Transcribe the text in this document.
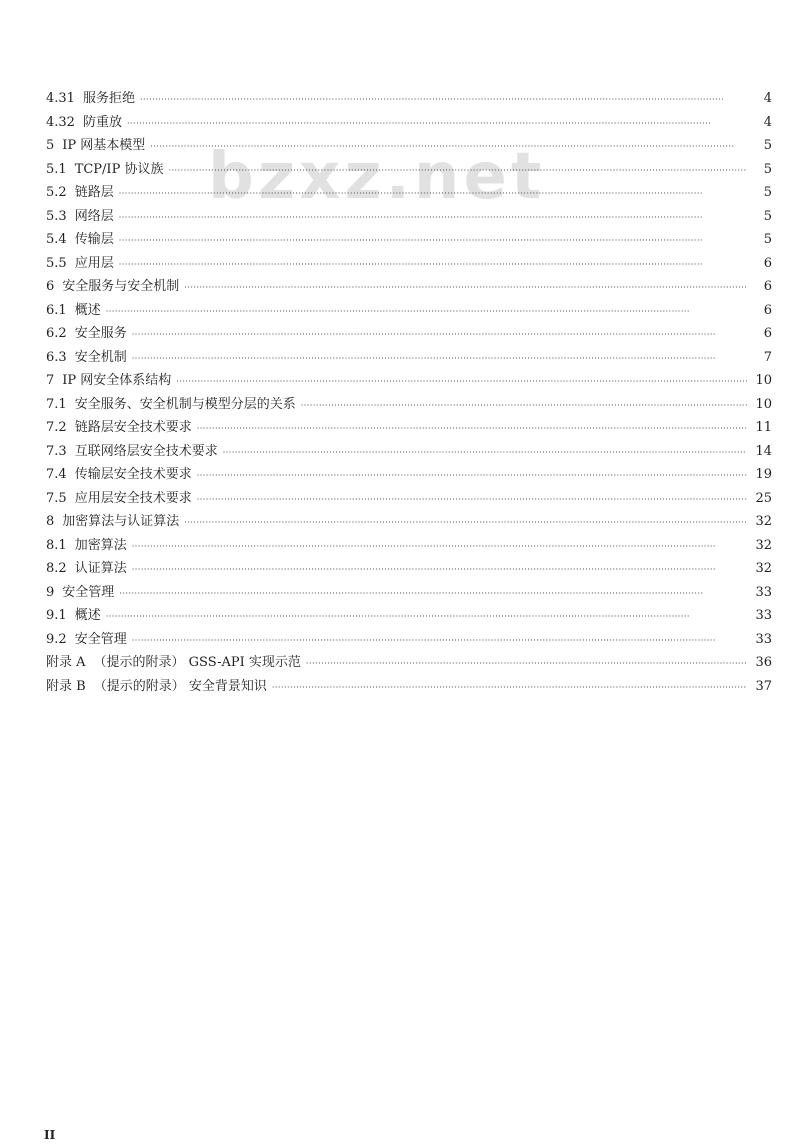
bzxz.net
4.31 服务拒绝 ·····	4
4.32 防重放 ·····	4
5 IP 网基本模型 ·····	5
5.1 TCP/IP 协议族 ·····	5
5.2 链路层 ·····	5
5.3 网络层 ·····	5
5.4 传输层 ·····	5
5.5 应用层 ·····	6
6 安全服务与安全机制 ·····	6
6.1 概述 ·····	6
6.2 安全服务 ·····	6
6.3 安全机制 ·····	7
7 IP 网安全体系结构 ·····	10
7.1 安全服务、安全机制与模型分层的关系 ·····	10
7.2 链路层安全技术要求 ·····	11
7.3 互联网络层安全技术要求 ·····	14
7.4 传输层安全技术要求 ·····	19
7.5 应用层安全技术要求 ·····	25
8 加密算法与认证算法 ·····	32
8.1 加密算法 ·····	32
8.2 认证算法 ·····	32
9 安全管理 ·····	33
9.1 概述 ·····	33
9.2 安全管理 ·····	33
附录 A （提示的附录） GSS-API 实现示范 ·····	36
附录 B （提示的附录） 安全背景知识 ·····	37
II
